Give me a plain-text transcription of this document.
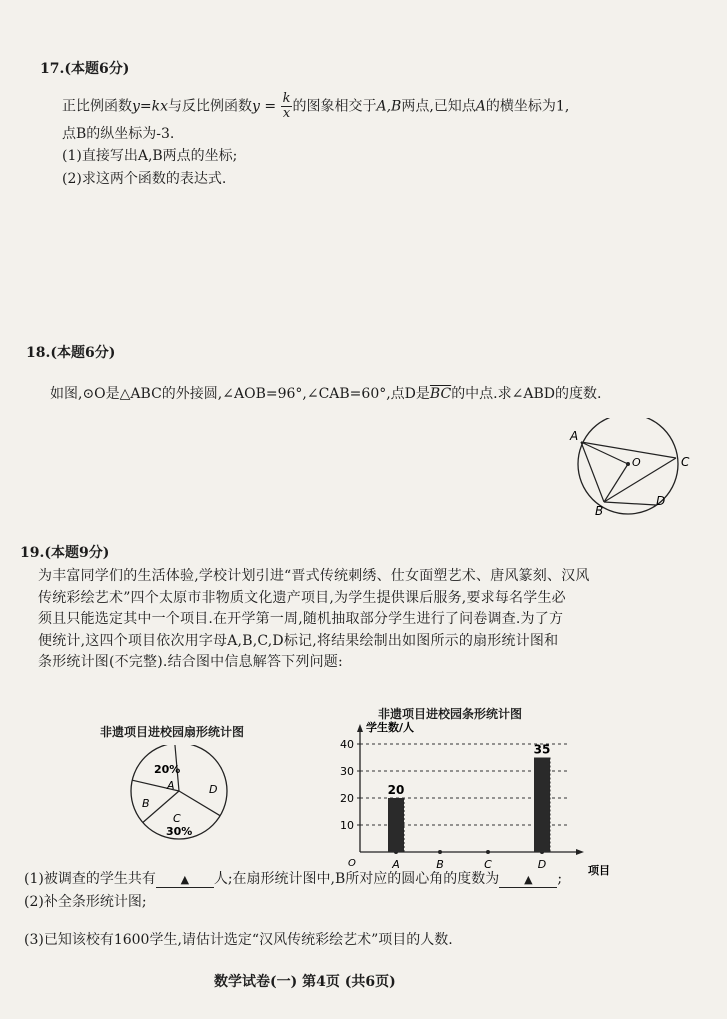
17.(本题6分)
正比例函数y=kx与反比例函数$y = \frac{k}{x}$ 的图象相交于A,B两点,已知点A的横坐标为1,
点B的纵坐标为-3.
(1)直接写出A,B两点的坐标;
(2)求这两个函数的表达式.
18.(本题6分)
如图,⊙O是△ABC的外接圆,∠AOB=96°,∠CAB=60°,点D是$\overline{BC}$的中点.求∠ABD的度数.
A
O	C
B
D
19.(本题9分)
为丰富同学们的生活体验,学校计划引进“晋式传统刺绣、仕女面塑艺术、唐风篆刻、汉风
传统彩绘艺术”四个太原市非物质文化遗产项目,为学生提供课后服务,要求每名学生必
须且只能选定其中一个项目.在开学第一周,随机抽取部分学生进行了问卷调查.为了方
便统计,这四个项目依次用字母A,B,C,D标记,将结果绘制出如图所示的扇形统计图和
条形统计图(不完整).结合图中信息解答下列问题:
非遗项目进校园扇形统计图
20%
A
B
C
30%
D
非遗项目进校园条形统计图
学生数/人
项目
O
10
20
30
40
A	B	C	D
20
35
(1)被调查的学生共有 ▲ 人;在扇形统计图中,B所对应的圆心角的度数为 ▲ ;
(2)补全条形统计图;
(3)已知该校有1600学生,请估计选定“汉风传统彩绘艺术”项目的人数.
数学试卷(一) 第4页 (共6页)
